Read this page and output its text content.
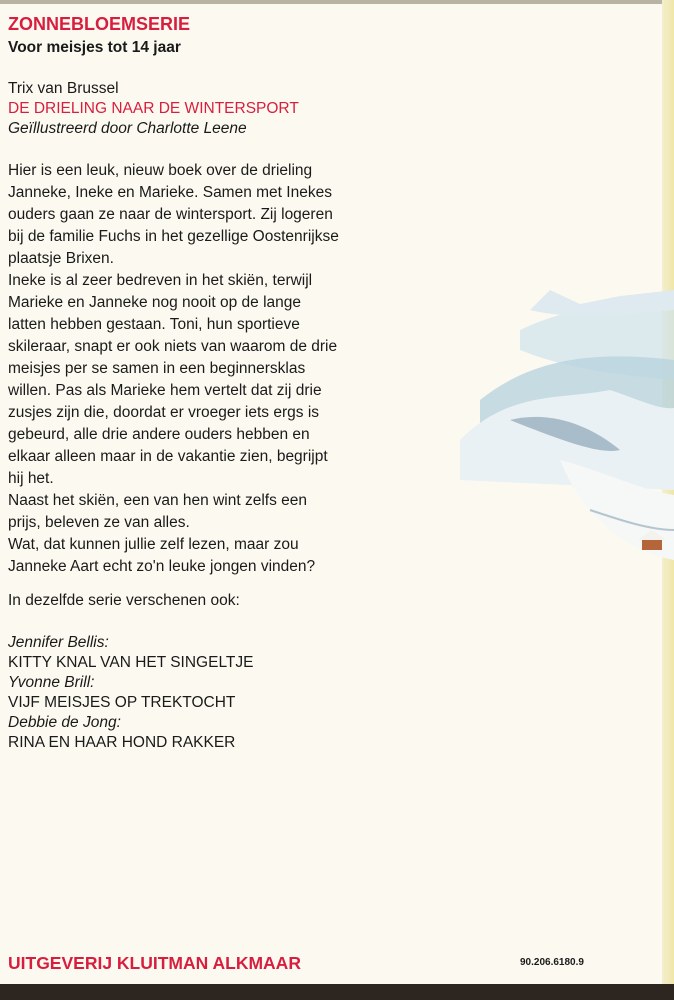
ZONNEBLOEMSERIE
Voor meisjes tot 14 jaar
Trix van Brussel
DE DRIELING NAAR DE WINTERSPORT
Geïllustreerd door Charlotte Leene

Hier is een leuk, nieuw boek over de drieling

Janneke, Ineke en Marieke. Samen met Inekes

ouders gaan ze naar de wintersport. Zij logeren

bij de familie Fuchs in het gezellige Oostenrijkse

plaatsje Brixen.

Ineke is al zeer bedreven in het skiën, terwijl

Marieke en Janneke nog nooit op de lange

latten hebben gestaan. Toni, hun sportieve

skileraar, snapt er ook niets van waarom de drie

meisjes per se samen in een beginnersklas

willen. Pas als Marieke hem vertelt dat zij drie

zusjes zijn die, doordat er vroeger iets ergs is

gebeurd, alle drie andere ouders hebben en

elkaar alleen maar in de vakantie zien, begrijpt

hij het.

Naast het skiën, een van hen wint zelfs een

prijs, beleven ze van alles.

Wat, dat kunnen jullie zelf lezen, maar zou

Janneke Aart echt zo'n leuke jongen vinden?

In dezelfde serie verschenen ook:
Jennifer Bellis:
KITTY KNAL VAN HET SINGELTJE
Yvonne Brill:
VIJF MEISJES OP TREKTOCHT
Debbie de Jong:
RINA EN HAAR HOND RAKKER
UITGEVERIJ KLUITMAN ALKMAAR	90.206.6180.9
